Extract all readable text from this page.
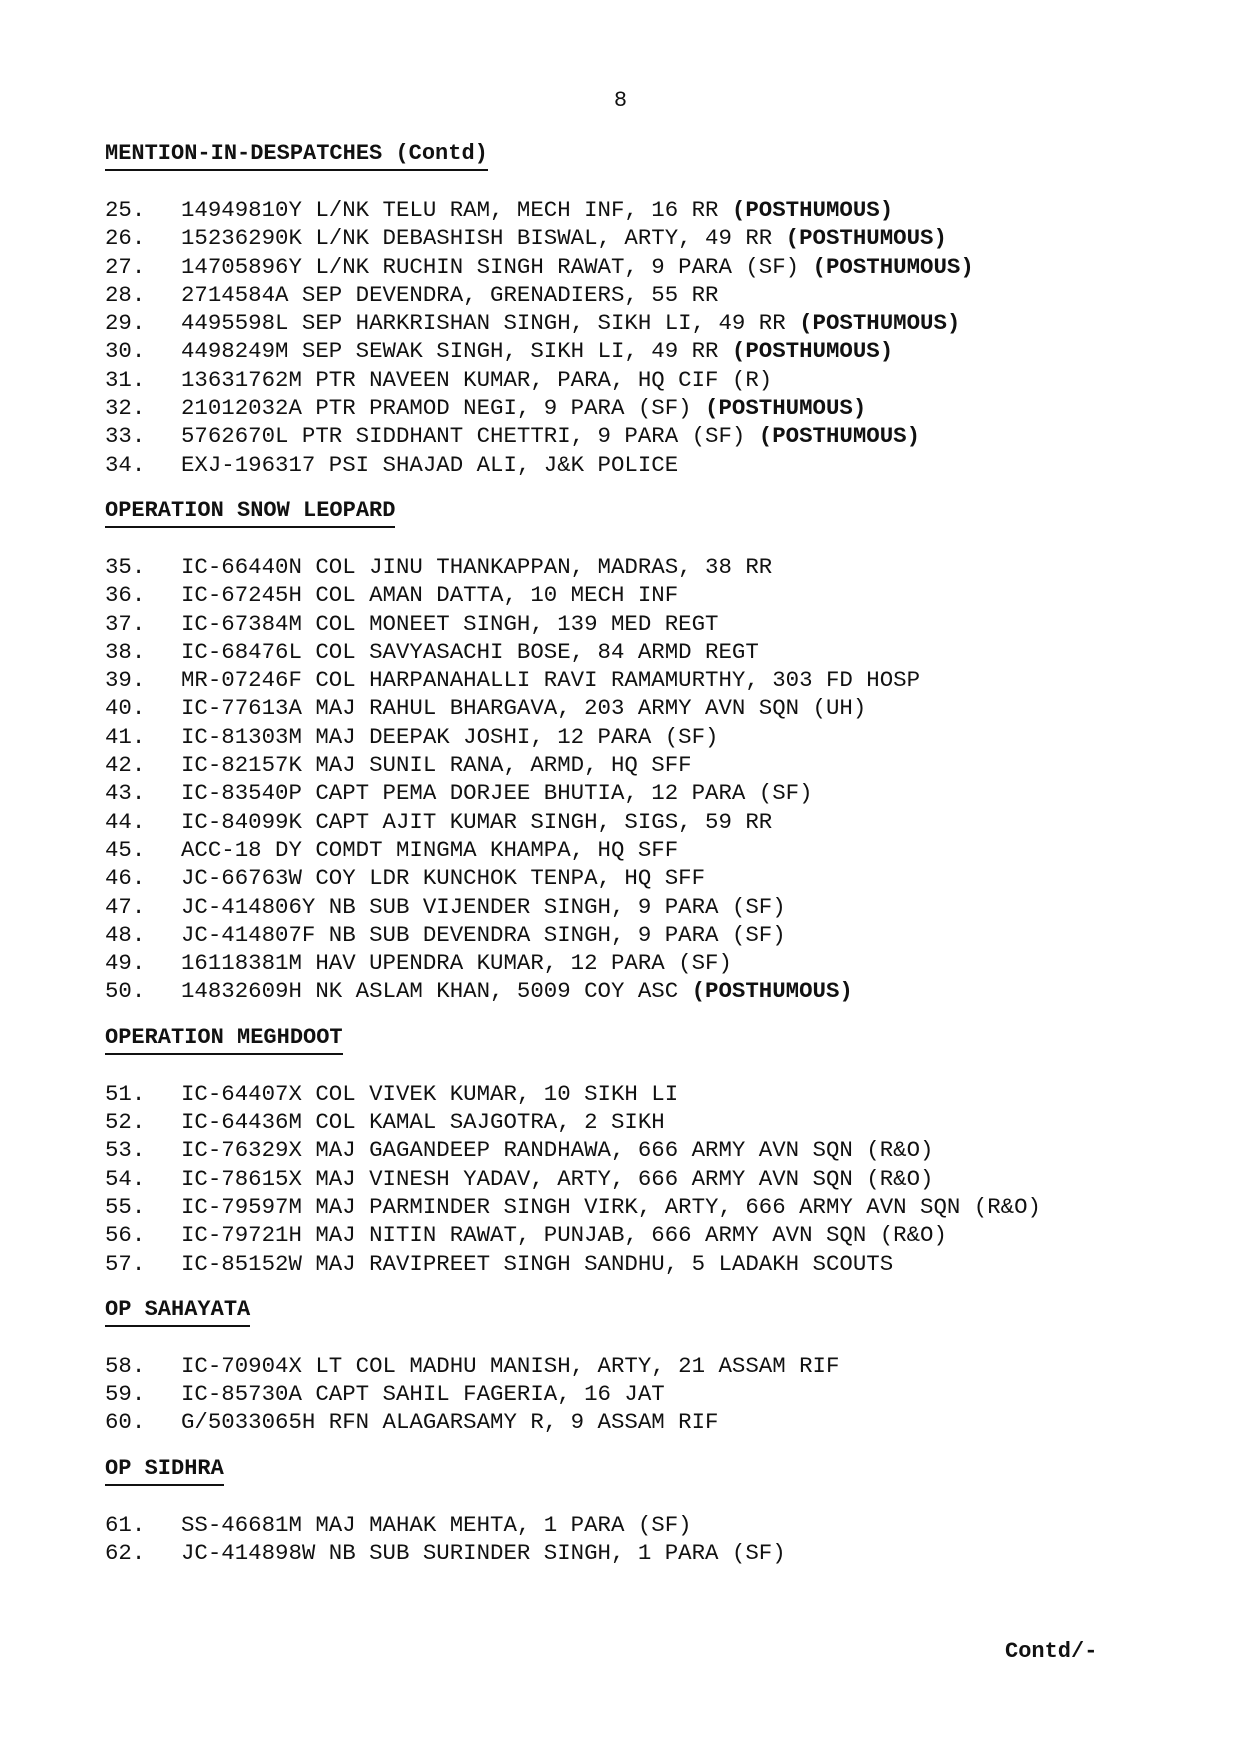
8
MENTION-IN-DESPATCHES (Contd)
25. 14949810Y L/NK TELU RAM, MECH INF, 16 RR (POSTHUMOUS)
26. 15236290K L/NK DEBASHISH BISWAL, ARTY, 49 RR (POSTHUMOUS)
27. 14705896Y L/NK RUCHIN SINGH RAWAT, 9 PARA (SF) (POSTHUMOUS)
28. 2714584A SEP DEVENDRA, GRENADIERS, 55 RR
29. 4495598L SEP HARKRISHAN SINGH, SIKH LI, 49 RR (POSTHUMOUS)
30. 4498249M SEP SEWAK SINGH, SIKH LI, 49 RR (POSTHUMOUS)
31. 13631762M PTR NAVEEN KUMAR, PARA, HQ CIF (R)
32. 21012032A PTR PRAMOD NEGI, 9 PARA (SF) (POSTHUMOUS)
33. 5762670L PTR SIDDHANT CHETTRI, 9 PARA (SF) (POSTHUMOUS)
34. EXJ-196317 PSI SHAJAD ALI, J&K POLICE
OPERATION SNOW LEOPARD
35. IC-66440N COL JINU THANKAPPAN, MADRAS, 38 RR
36. IC-67245H COL AMAN DATTA, 10 MECH INF
37. IC-67384M COL MONEET SINGH, 139 MED REGT
38. IC-68476L COL SAVYASACHI BOSE, 84 ARMD REGT
39. MR-07246F COL HARPANAHALLI RAVI RAMAMURTHY, 303 FD HOSP
40. IC-77613A MAJ RAHUL BHARGAVA, 203 ARMY AVN SQN (UH)
41. IC-81303M MAJ DEEPAK JOSHI, 12 PARA (SF)
42. IC-82157K MAJ SUNIL RANA, ARMD, HQ SFF
43. IC-83540P CAPT PEMA DORJEE BHUTIA, 12 PARA (SF)
44. IC-84099K CAPT AJIT KUMAR SINGH, SIGS, 59 RR
45. ACC-18 DY COMDT MINGMA KHAMPA, HQ SFF
46. JC-66763W COY LDR KUNCHOK TENPA, HQ SFF
47. JC-414806Y NB SUB VIJENDER SINGH, 9 PARA (SF)
48. JC-414807F NB SUB DEVENDRA SINGH, 9 PARA (SF)
49. 16118381M HAV UPENDRA KUMAR, 12 PARA (SF)
50. 14832609H NK ASLAM KHAN, 5009 COY ASC (POSTHUMOUS)
OPERATION MEGHDOOT
51. IC-64407X COL VIVEK KUMAR, 10 SIKH LI
52. IC-64436M COL KAMAL SAJGOTRA, 2 SIKH
53. IC-76329X MAJ GAGANDEEP RANDHAWA, 666 ARMY AVN SQN (R&O)
54. IC-78615X MAJ VINESH YADAV, ARTY, 666 ARMY AVN SQN (R&O)
55. IC-79597M MAJ PARMINDER SINGH VIRK, ARTY, 666 ARMY AVN SQN (R&O)
56. IC-79721H MAJ NITIN RAWAT, PUNJAB, 666 ARMY AVN SQN (R&O)
57. IC-85152W MAJ RAVIPREET SINGH SANDHU, 5 LADAKH SCOUTS
OP SAHAYATA
58. IC-70904X LT COL MADHU MANISH, ARTY, 21 ASSAM RIF
59. IC-85730A CAPT SAHIL FAGERIA, 16 JAT
60. G/5033065H RFN ALAGARSAMY R, 9 ASSAM RIF
OP SIDHRA
61. SS-46681M MAJ MAHAK MEHTA, 1 PARA (SF)
62. JC-414898W NB SUB SURINDER SINGH, 1 PARA (SF)
Contd/-
